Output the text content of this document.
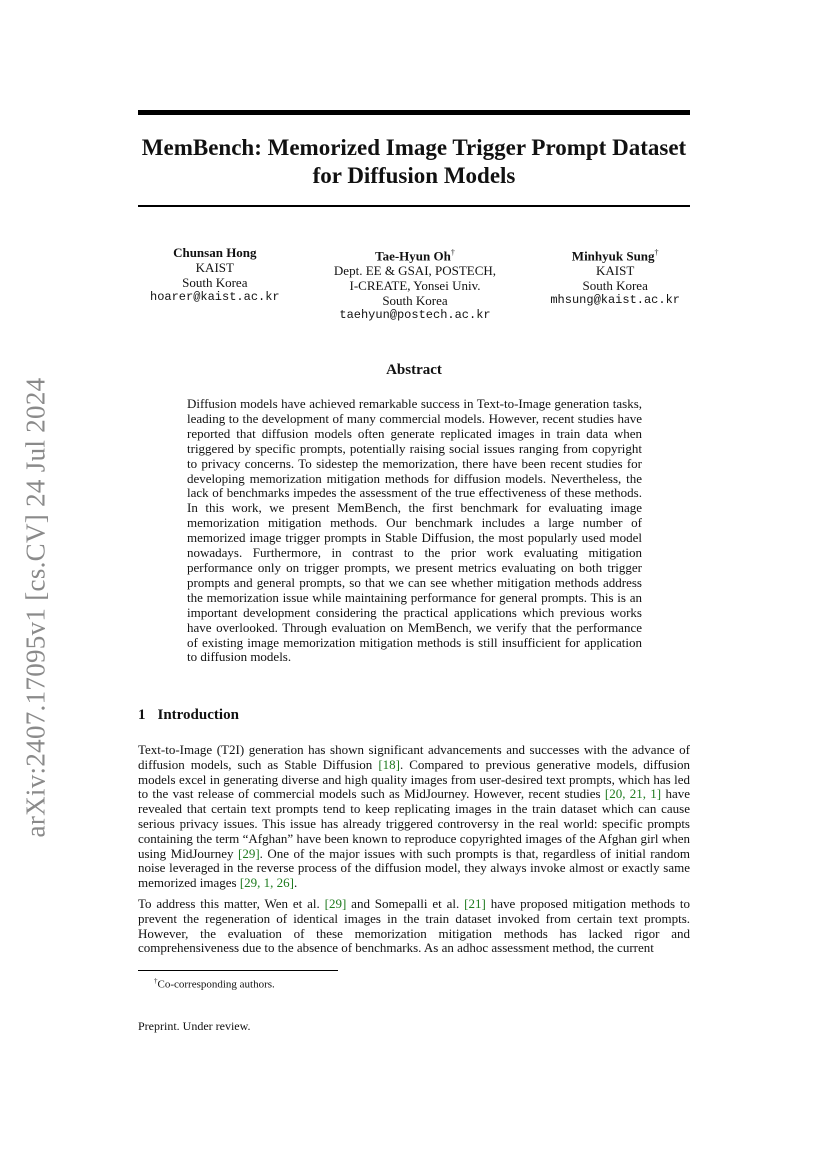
arXiv:2407.17095v1 [cs.CV] 24 Jul 2024
MemBench: Memorized Image Trigger Prompt Dataset for Diffusion Models
Chunsan Hong
KAIST
South Korea
hoarer@kaist.ac.kr
Tae-Hyun Oh†
Dept. EE & GSAI, POSTECH,
I-CREATE, Yonsei Univ.
South Korea
taehyun@postech.ac.kr
Minhyuk Sung†
KAIST
South Korea
mhsung@kaist.ac.kr
Abstract

Diffusion models have achieved remarkable success in Text-to-Image generation tasks, leading to the development of many commercial models. However, recent studies have reported that diffusion models often generate replicated images in train data when triggered by specific prompts, potentially raising social issues ranging from copyright to privacy concerns. To sidestep the memorization, there have been recent studies for developing memorization mitigation methods for diffusion models. Nevertheless, the lack of benchmarks impedes the assessment of the true effectiveness of these methods. In this work, we present MemBench, the first benchmark for evaluating image memorization mitigation methods. Our benchmark includes a large number of memorized image trigger prompts in Stable Diffusion, the most popularly used model nowadays. Furthermore, in contrast to the prior work evaluating mitigation performance only on trigger prompts, we present metrics evaluating on both trigger prompts and general prompts, so that we can see whether mitigation methods address the memorization issue while maintaining performance for general prompts. This is an important development considering the practical applications which previous works have overlooked. Through evaluation on MemBench, we verify that the performance of existing image memorization mitigation methods is still insufficient for application to diffusion models.

1 Introduction

Text-to-Image (T2I) generation has shown significant advancements and successes with the advance of diffusion models, such as Stable Diffusion [18]. Compared to previous generative models, diffusion models excel in generating diverse and high quality images from user-desired text prompts, which has led to the vast release of commercial models such as MidJourney. However, recent studies [20, 21, 1] have revealed that certain text prompts tend to keep replicating images in the train dataset which can cause serious privacy issues. This issue has already triggered controversy in the real world: specific prompts containing the term “Afghan” have been known to reproduce copyrighted images of the Afghan girl when using MidJourney [29]. One of the major issues with such prompts is that, regardless of initial random noise leveraged in the reverse process of the diffusion model, they always invoke almost or exactly same memorized images [29, 1, 26].

To address this matter, Wen et al. [29] and Somepalli et al. [21] have proposed mitigation methods to prevent the regeneration of identical images in the train dataset invoked from certain text prompts. However, the evaluation of these memorization mitigation methods has lacked rigor and comprehensiveness due to the absence of benchmarks. As an adhoc assessment method, the current

†Co-corresponding authors.

Preprint. Under review.
